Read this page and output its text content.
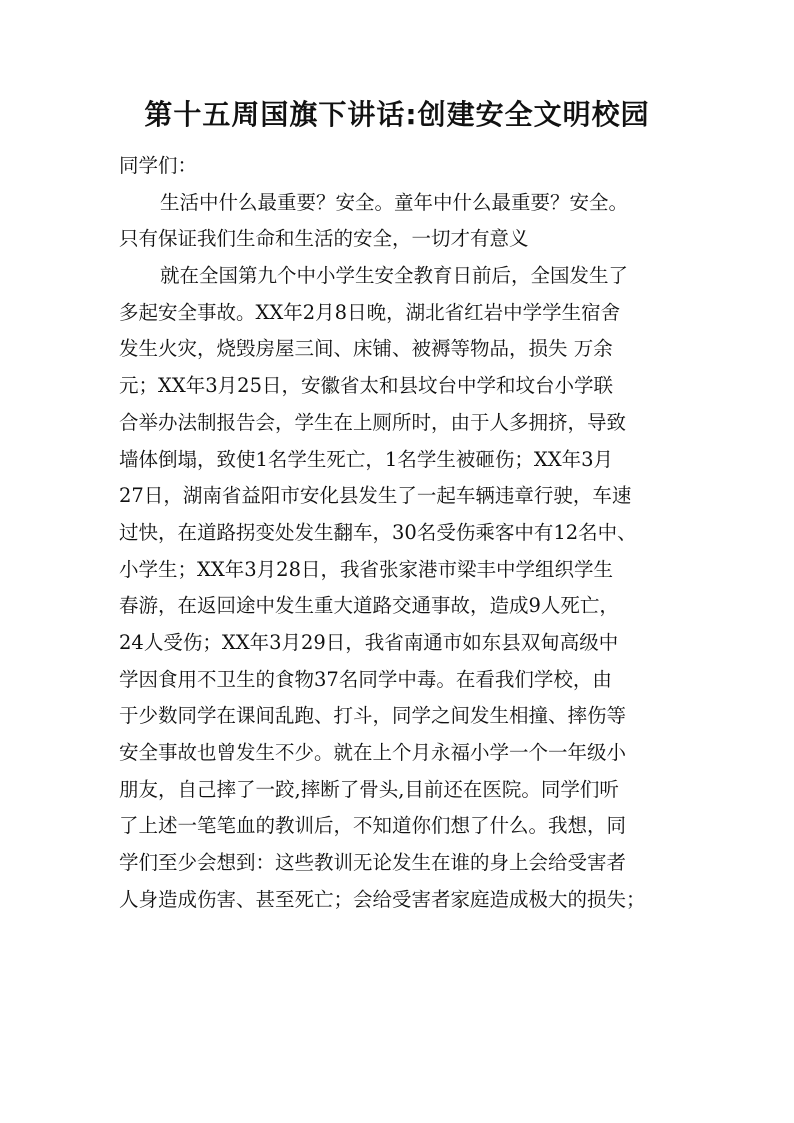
第十五周国旗下讲话:创建安全文明校园
同学们：
生活中什么最重要？安全。童年中什么最重要？安全。
只有保证我们生命和生活的安全，一切才有意义
就在全国第九个中小学生安全教育日前后，全国发生了
多起安全事故。XX年2月8日晚，湖北省红岩中学学生宿舍
发生火灾，烧毁房屋三间、床铺、被褥等物品，损失 万余
元；XX年3月25日，安徽省太和县坟台中学和坟台小学联
合举办法制报告会，学生在上厕所时，由于人多拥挤，导致
墙体倒塌，致使1名学生死亡，1名学生被砸伤；XX年3月
27日，湖南省益阳市安化县发生了一起车辆违章行驶，车速
过快，在道路拐变处发生翻车，30名受伤乘客中有12名中、
小学生；XX年3月28日，我省张家港市梁丰中学组织学生
春游，在返回途中发生重大道路交通事故，造成9人死亡，
24人受伤；XX年3月29日，我省南通市如东县双甸高级中
学因食用不卫生的食物37名同学中毒。在看我们学校，由
于少数同学在课间乱跑、打斗，同学之间发生相撞、摔伤等
安全事故也曾发生不少。就在上个月永福小学一个一年级小
朋友，自己摔了一跤,摔断了骨头,目前还在医院。同学们听
了上述一笔笔血的教训后，不知道你们想了什么。我想，同
学们至少会想到：这些教训无论发生在谁的身上会给受害者
人身造成伤害、甚至死亡；会给受害者家庭造成极大的损失；
